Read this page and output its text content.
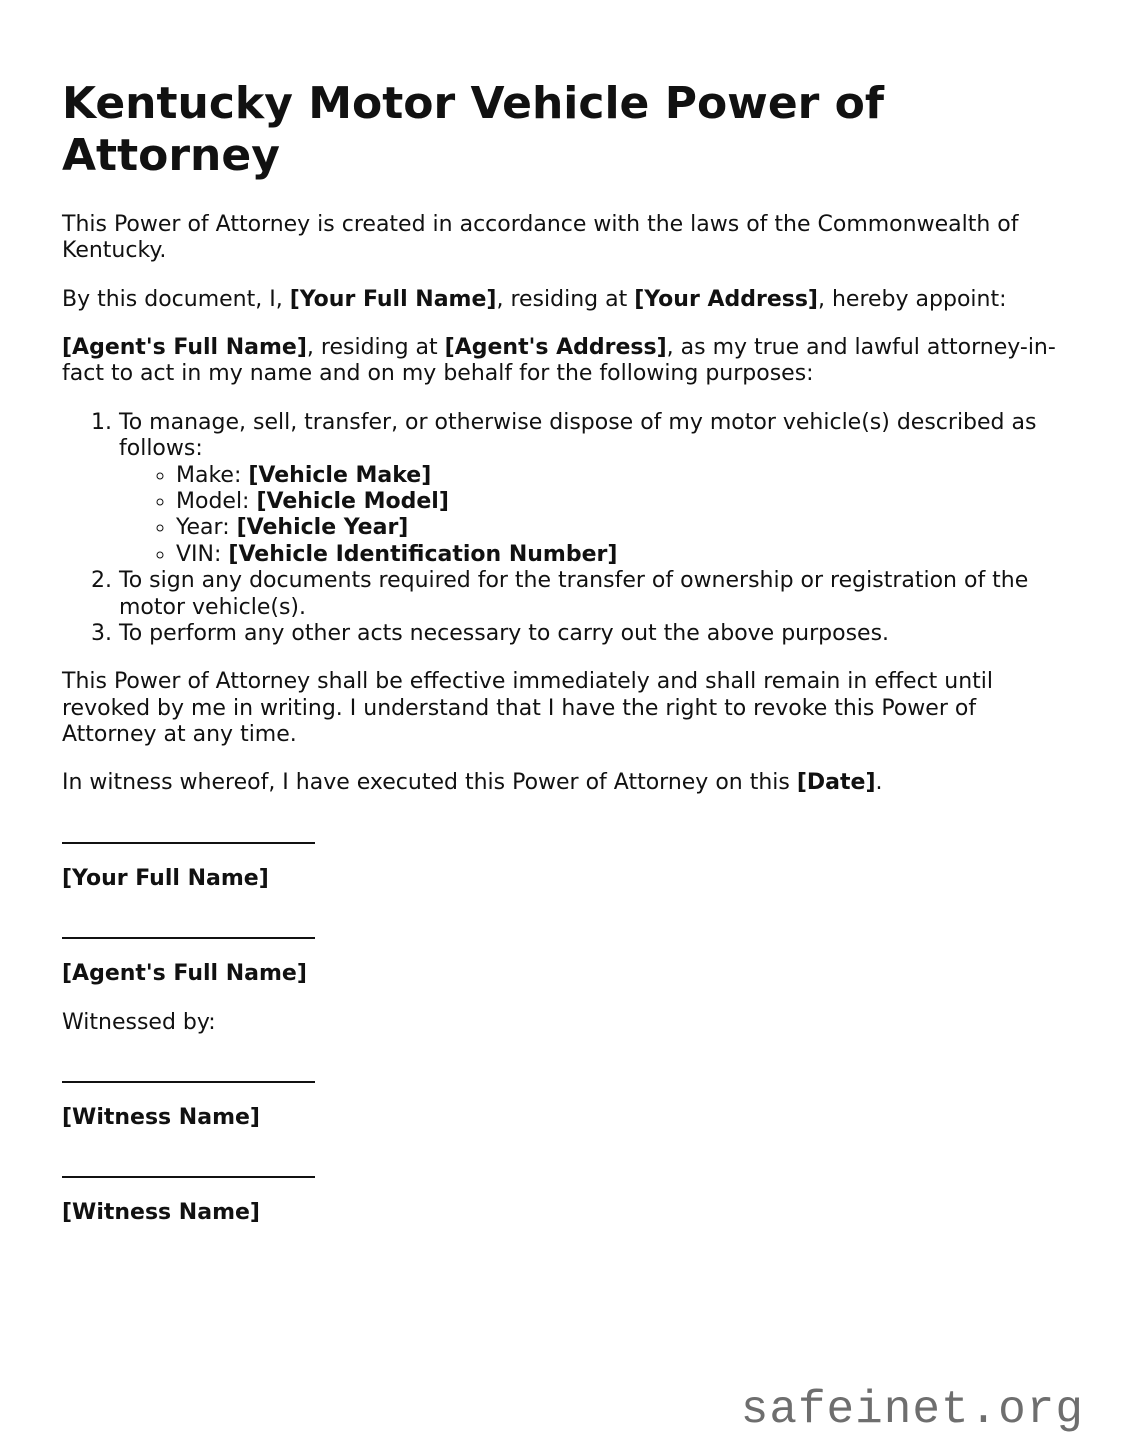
Kentucky Motor Vehicle Power of Attorney

This Power of Attorney is created in accordance with the laws of the Commonwealth of Kentucky.

By this document, I, [Your Full Name], residing at [Your Address], hereby appoint:

[Agent's Full Name], residing at [Agent's Address], as my true and lawful attorney-in-fact to act in my name and on my behalf for the following purposes:

1. To manage, sell, transfer, or otherwise dispose of my motor vehicle(s) described as follows:
◦ Make: [Vehicle Make]
◦ Model: [Vehicle Model]
◦ Year: [Vehicle Year]
◦ VIN: [Vehicle Identification Number]
2. To sign any documents required for the transfer of ownership or registration of the motor vehicle(s).
3. To perform any other acts necessary to carry out the above purposes.

This Power of Attorney shall be effective immediately and shall remain in effect until revoked by me in writing. I understand that I have the right to revoke this Power of Attorney at any time.

In witness whereof, I have executed this Power of Attorney on this [Date].

[Your Full Name]

[Agent's Full Name]

Witnessed by:

[Witness Name]

[Witness Name]

safeinet.org
